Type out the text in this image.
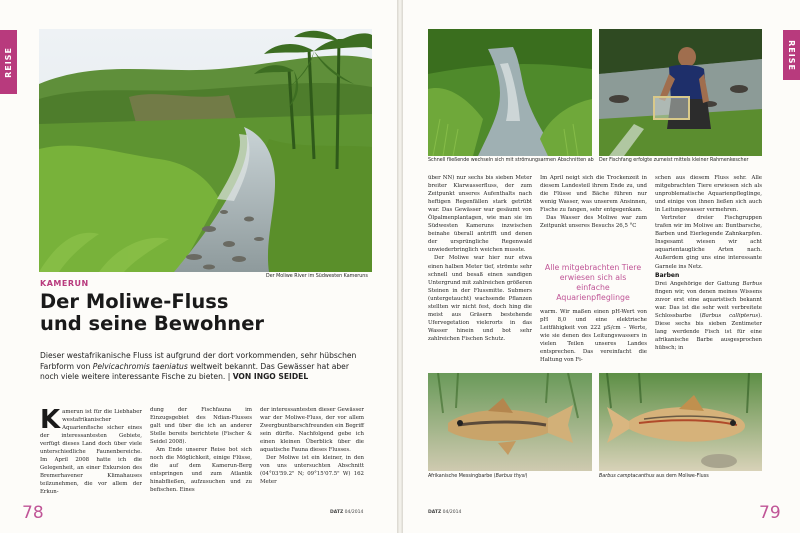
REISE
Der Moliwe River im Südwesten Kameruns
KAMERUN
Der Moliwe-Fluss
und seine Bewohner
Dieser westafrikanische Fluss ist aufgrund der dort vorkommenden, sehr hübschen Farbform von Pelvicachromis taeniatus weltweit bekannt. Das Gewässer hat aber noch viele weitere interessante Fische zu bieten. | VON INGO SEIDEL

Kamerun ist für die Liebhaber westafrikanischer Aquarienfische sicher eines der interessantesten Gebiete, verfügt dieses Land doch über viele unterschiedliche Faunenbereiche. Im April 2008 hatte ich die Gelegenheit, an einer Exkursion des Bremerhavener Klimahauses teilzunehmen, die vor allem der Erkun-

dung der Fischfauna im Einzugsgebiet des Ndian-Flusses galt und über die ich an anderer Stelle bereits berichtete (Fischer & Seidel 2008).

Am Ende unserer Reise bot sich noch die Möglichkeit, einige Flüsse, die auf dem Kamerun-Berg entspringen und zum Atlantik hinabfließen, aufzusuchen und zu befischen. Eines

der interessantesten dieser Gewässer war der Moliwe-Fluss, der vor allem Zwergbuntbarschfreunden ein Begriff sein dürfte. Nachfolgend gebe ich einen kleinen Überblick über die aquatische Fauna dieses Flusses.

Der Moliwe ist ein kleiner, in den von uns untersuchten Abschnitt (04°03'59.2" N; 09°15'07.5" W) 162 Meter

78	DATZ 04/2014
REISE
Schnell fließende wechseln sich mit strömungsarmen Abschnitten ab Der Fischfang erfolgte zumeist mittels kleiner Rahmenkescher

über NN) nur sechs bis sieben Meter breiter Klarwasserfluss, der zum Zeitpunkt unseres Aufenthalts nach heftigen Regenfällen stark getrübt war. Das Gewässer war gesäumt von Ölpalmenplantagen, wie man sie im Südwesten Kameruns inzwischen beinahe überall antrifft und denen der ursprüngliche Regenwald unwiederbringlich weichen musste.

Der Moliwe war hier nur etwa einen halben Meter tief, strömte sehr schnell und besaß einen sandigen Untergrund mit zahlreichen größeren Steinen in der Flussmitte. Submers (untergetaucht) wachsende Pflanzen stellten wir nicht fest, doch hing die meist aus Gräsern bestehende Ufervegetation vielerorts in das Wasser hinein und bot sehr zahlreichen Fischen Schutz.

Im April neigt sich die Trockenzeit in diesem Landesteil ihrem Ende zu, und die Flüsse und Bäche führen nur wenig Wasser, was unserem Ansinnen, Fische zu fangen, sehr entgegenkam.

Das Wasser des Moliwe war zum Zeitpunkt unseres Besuchs 26,5 °C

Alle mitgebrachten Tiere erwiesen sich als einfache Aquarienpfleglinge

warm. Wir maßen einen pH-Wert von pH 8,0 und eine elektrische Leitfähigkeit von 222 µS/cm – Werte, wie sie denen des Leitungswassers in vielen Teilen unseres Landes entsprechen. Das vereinfacht die Haltung von Fi-

schen aus diesem Fluss sehr. Alle mitgebrachten Tiere erwiesen sich als unproblematische Aquarienpfleglinge, und einige von ihnen ließen sich auch in Leitungswasser vermehren.

Vertreter dreier Fischgruppen trafen wir im Moliwe an: Buntbarsche, Barben und Eierlegende Zahnkarpfen. Insgesamt wiesen wir acht aquarientaugliche Arten nach. Außerdem ging uns eine interessante Garnele ins Netz.

Barben

Drei Angehörige der Gattung Barbus fingen wir, von denen meines Wissens zuvor erst eine aquaristisch bekannt war. Das ist die sehr weit verbreitete Schlossbarbe (Barbus callipterus). Diese sechs bis sieben Zentimeter lang werdende Fisch ist für eine afrikanische Barbe ausgesprochen hübsch; in

Afrikanische Messingbarbe (Barbus thysi)	Barbus camptacanthus aus dem Moliwe-Fluss
DATZ 04/2014	79
